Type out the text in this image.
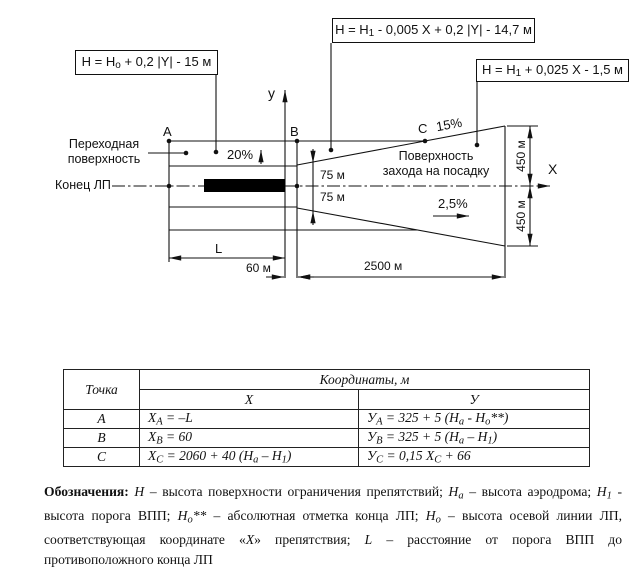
H = Hо + 0,2 |Y| - 15 м
H = H1 - 0,005 X + 0,2 |Y| - 14,7 м
H = H1 + 0,025 X - 1,5 м
Переходная
поверхность
Конец ЛП
Поверхность
захода на посадку
20%
15%
2,5%
A	B	C
у
X
75 м
75 м
450 м
450 м
L
60 м	2500 м
Точка	Координаты, м	
	X	У
A	XA = –L	УА = 325 + 5 (Hа - Hо**)
B	XB = 60	УВ = 325 + 5 (Hа – H1)
C	XC = 2060 + 40 (Hа – H1)	УС = 0,15 XC + 66
Обозначения: H – высота поверхности ограничения препятствий; Hа – высота аэродрома; H1 - высота порога ВПП; Hо** – абсолютная отметка конца ЛП; Hо – высота осевой линии ЛП, соответствующая координате «X» препятствия; L – расстояние от порога ВПП до противоположного конца ЛП
